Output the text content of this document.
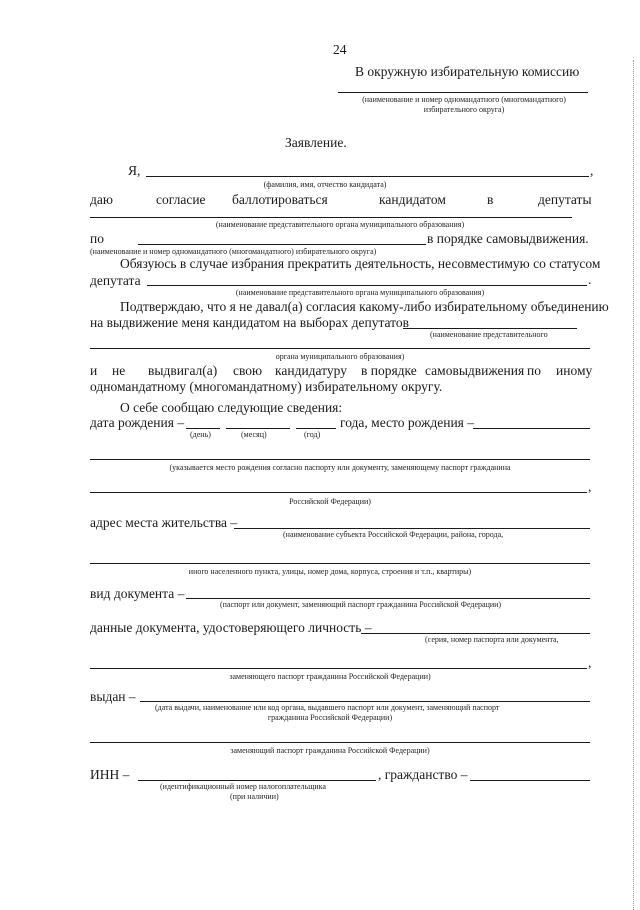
24
В окружную избирательную комиссию
(наименование и номер одномандатного (многомандатного)
избирательного округа)
Заявление.
Я,	,
(фамилия, имя, отчество кандидата)
даю	согласие баллотироваться	кандидатом	в	депутаты
(наименование представительного органа муниципального образования)
по	в порядке самовыдвижения.
(наименование и номер одномандатного (многомандатного) избирательного округа)
Обязуюсь в случае избрания прекратить деятельность, несовместимую со статусом
депутата	.
(наименование представительного органа муниципального образования)
Подтверждаю, что я не давал(а) согласия какому-либо избирательному объединению
на выдвижение меня кандидатом на выборах депутатов
(наименование представительного
органа муниципального образования)
и не выдвигал(а) свою кандидатуру в порядке самовыдвижения по иному
одномандатному (многомандатному) избирательному округу.
О себе сообщаю следующие сведения:
дата рождения –	года, место рождения –
(день)	(месяц)	(год)
(указывается место рождения согласно паспорту или документу, заменяющему паспорт гражданина
,
Российской Федерации)
адрес места жительства –
(наименование субъекта Российской Федерации, района, города,
иного населенного пункта, улицы, номер дома, корпуса, строения и т.п., квартиры)
вид документа –
(паспорт или документ, заменяющий паспорт гражданина Российской Федерации)
данные документа, удостоверяющего личность –
(серия, номер паспорта или документа,
,
заменяющего паспорт гражданина Российской Федерации)
выдан –
(дата выдачи, наименование или код органа, выдавшего паспорт или документ, заменяющий паспорт
гражданина Российской Федерации)
заменяющий паспорт гражданина Российской Федерации)
ИНН –	, гражданство –
(идентификационный номер налогоплательщика
(при наличии)
